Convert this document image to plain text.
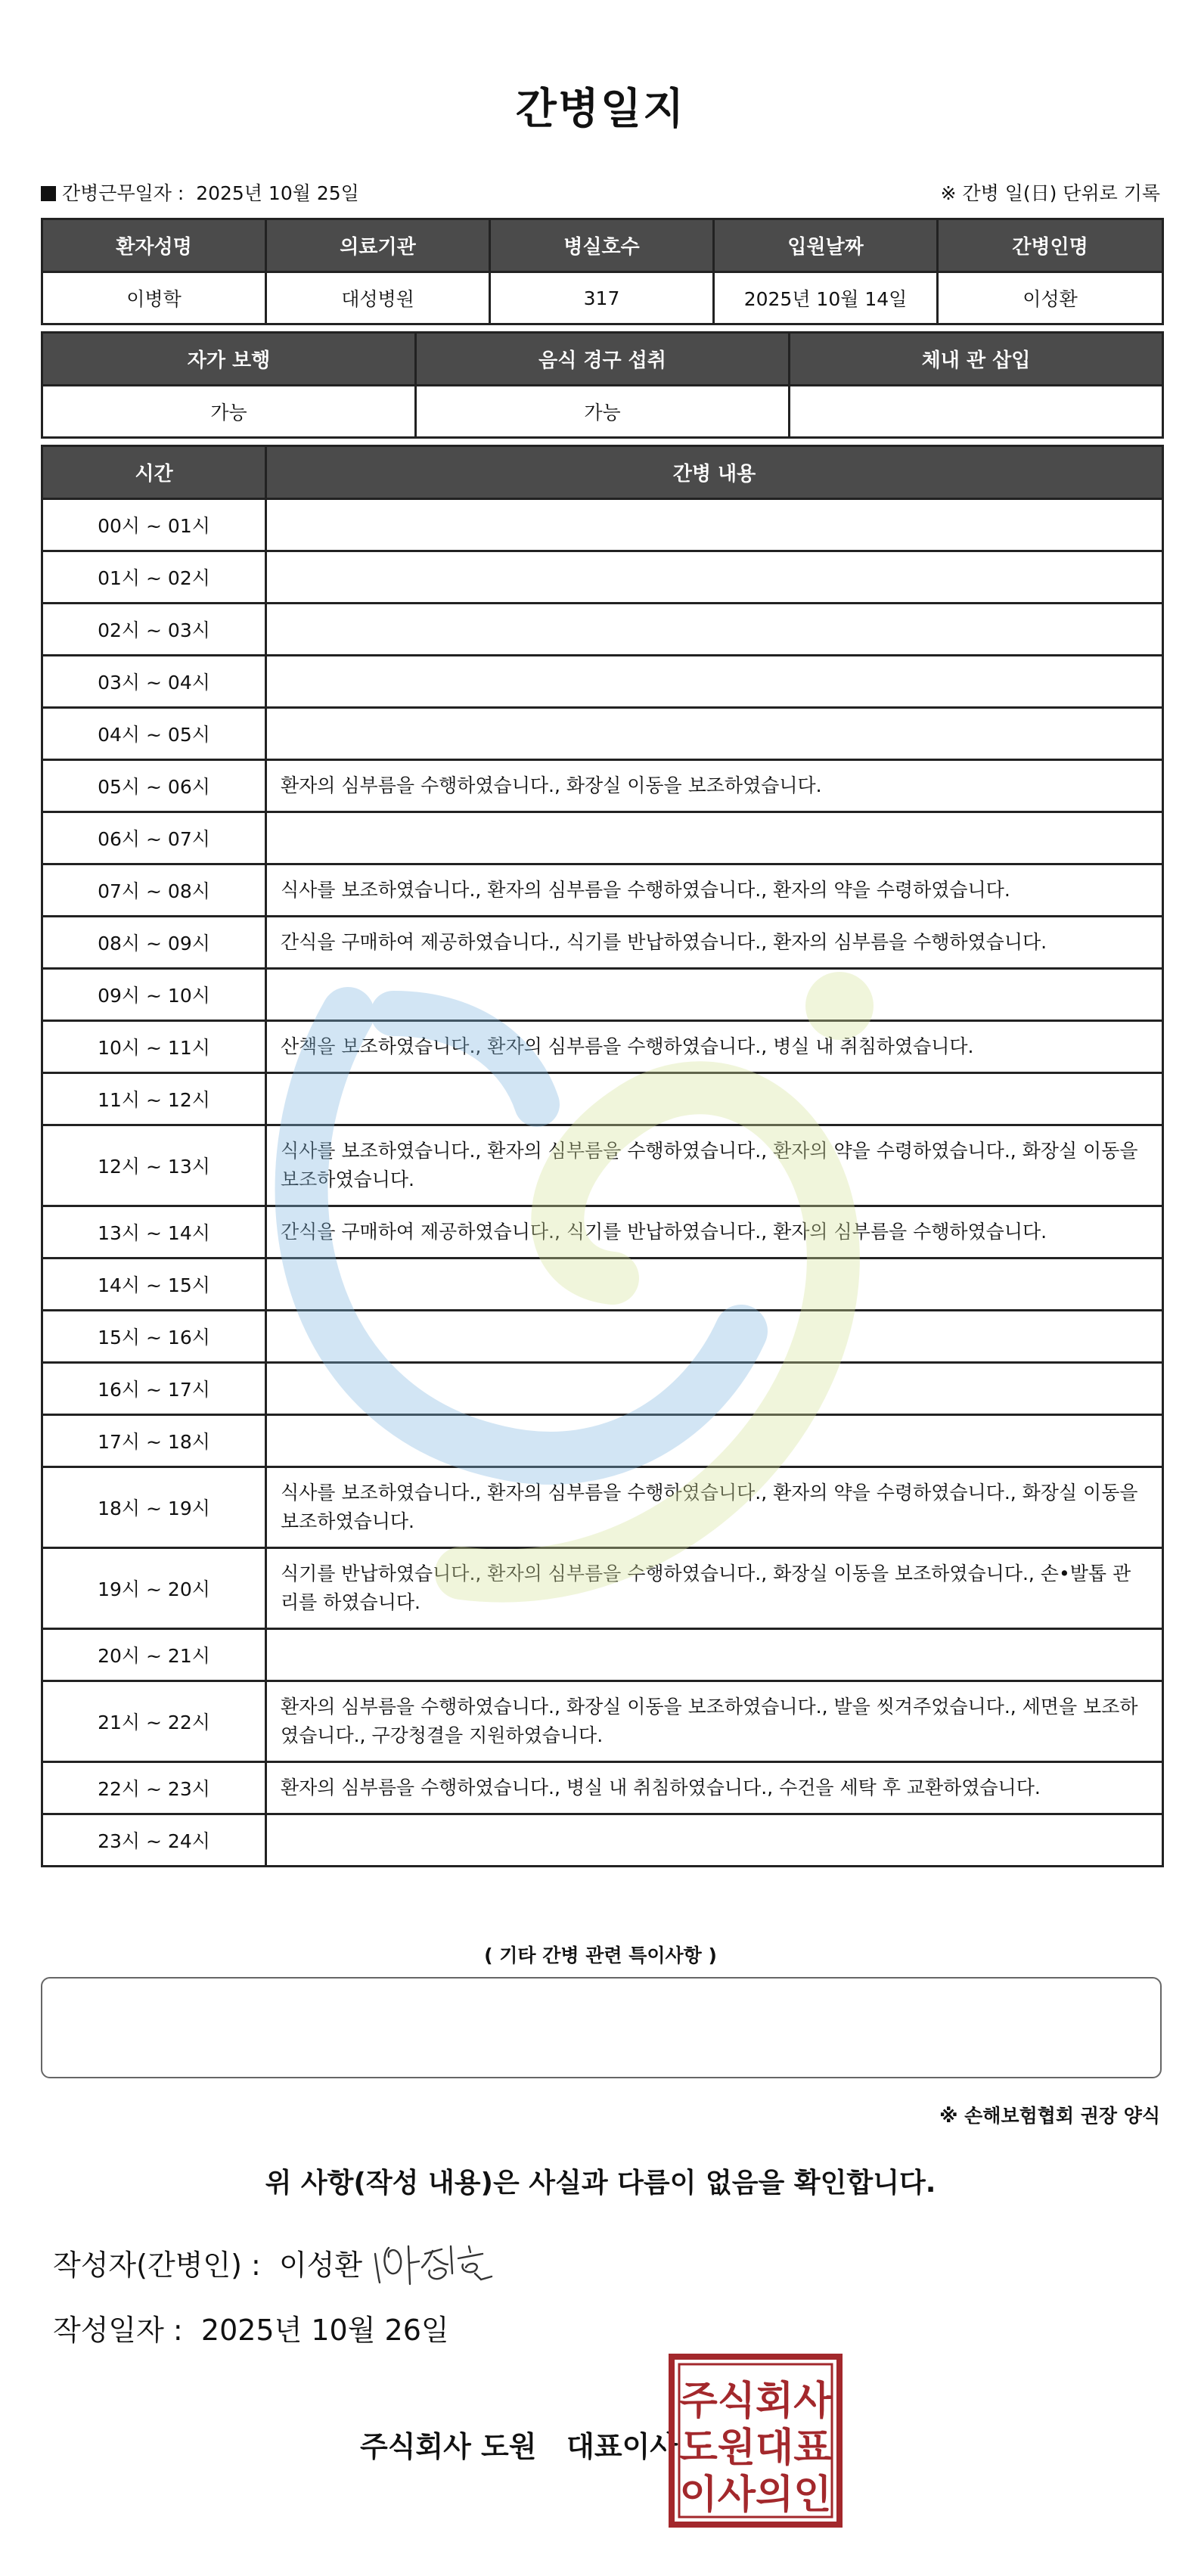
간병일지
간병근무일자 : 2025년 10월 25일	※ 간병 일(日) 단위로 기록
환자성명	의료기관	병실호수	입원날짜	간병인명
이병학	대성병원	317	2025년 10월 14일	이성환
자가 보행	음식 경구 섭취	체내 관 삽입
가능	가능	
시간	간병 내용
00시 ~ 01시	
01시 ~ 02시	
02시 ~ 03시	
03시 ~ 04시	
04시 ~ 05시	
05시 ~ 06시	환자의 심부름을 수행하였습니다., 화장실 이동을 보조하였습니다.
06시 ~ 07시	
07시 ~ 08시	식사를 보조하였습니다., 환자의 심부름을 수행하였습니다., 환자의 약을 수령하였습니다.
08시 ~ 09시	간식을 구매하여 제공하였습니다., 식기를 반납하였습니다., 환자의 심부름을 수행하였습니다.
09시 ~ 10시	
10시 ~ 11시	산책을 보조하였습니다., 환자의 심부름을 수행하였습니다., 병실 내 취침하였습니다.
11시 ~ 12시	
12시 ~ 13시	식사를 보조하였습니다., 환자의 심부름을 수행하였습니다., 환자의 약을 수령하였습니다., 화장실 이동을 보조하였습니다.
13시 ~ 14시	간식을 구매하여 제공하였습니다., 식기를 반납하였습니다., 환자의 심부름을 수행하였습니다.
14시 ~ 15시	
15시 ~ 16시	
16시 ~ 17시	
17시 ~ 18시	
18시 ~ 19시	식사를 보조하였습니다., 환자의 심부름을 수행하였습니다., 환자의 약을 수령하였습니다., 화장실 이동을 보조하였습니다.
19시 ~ 20시	식기를 반납하였습니다., 환자의 심부름을 수행하였습니다., 화장실 이동을 보조하였습니다., 손•발톱 관리를 하였습니다.
20시 ~ 21시	
21시 ~ 22시	환자의 심부름을 수행하였습니다., 화장실 이동을 보조하였습니다., 발을 씻겨주었습니다., 세면을 보조하였습니다., 구강청결을 지원하였습니다.
22시 ~ 23시	환자의 심부름을 수행하였습니다., 병실 내 취침하였습니다., 수건을 세탁 후 교환하였습니다.
23시 ~ 24시	
( 기타 간병 관련 특이사항 )
※ 손해보험협회 권장 양식
위 사항(작성 내용)은 사실과 다름이 없음을 확인합니다.
작성자(간병인) : 이성환
작성일자 : 2025년 10월 26일
주식회사 도원   대표이사
주식회사
도원대표
이사의인
